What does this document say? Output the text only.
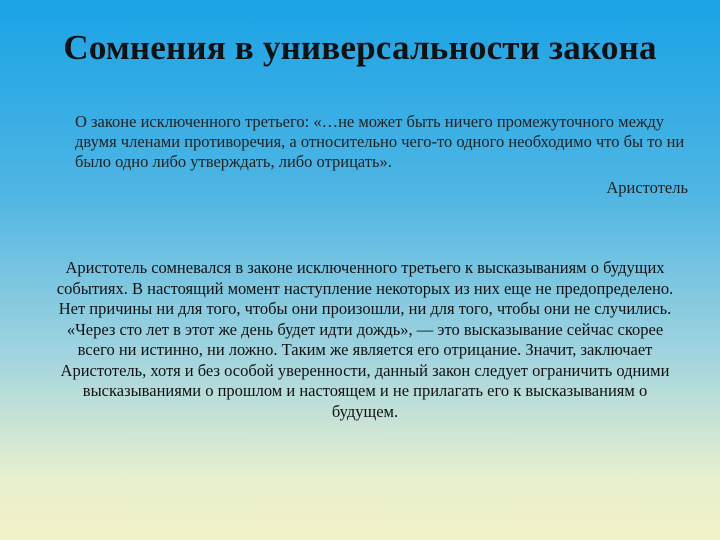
Сомнения в универсальности закона

О законе исключенного третьего: «…не может быть ничего промежуточного между двумя членами противоречия, а относительно чего-то одного необходимо что бы то ни было одно либо утверждать, либо отрицать».

Аристотель

Аристотель сомневался в законе исключенного третьего к высказываниям о будущих событиях. В настоящий момент наступление некоторых из них еще не предопределено. Нет причины ни для того, чтобы они произошли, ни для того, чтобы они не случились. «Через сто лет в этот же день будет идти дождь», — это высказывание сейчас скорее всего ни истинно, ни ложно. Таким же является его отрицание. Значит, заключает Аристотель, хотя и без особой уверенности, данный закон следует ограничить одними высказываниями о прошлом и настоящем и не прилагать его к высказываниям о будущем.
